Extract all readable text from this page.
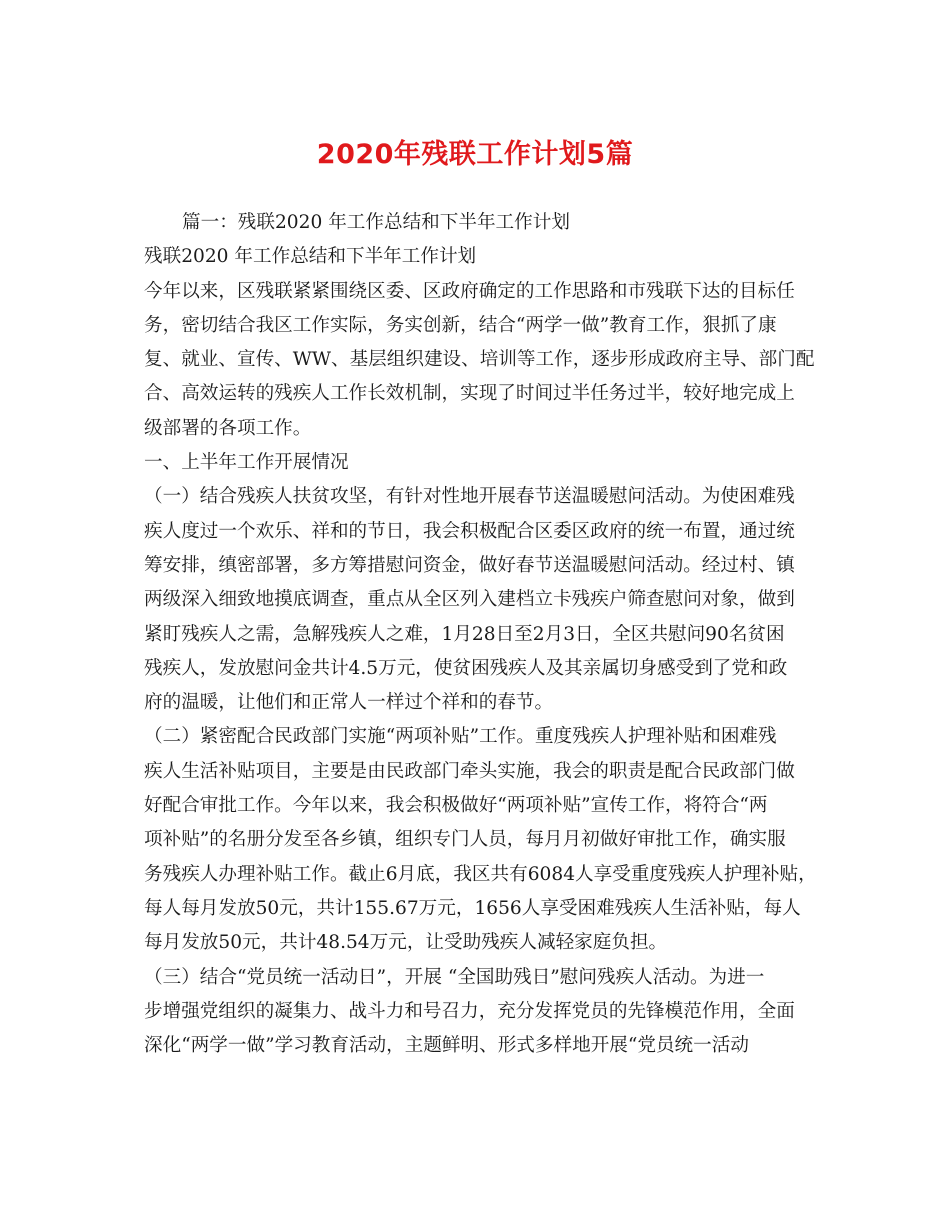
2020年残联工作计划5篇
篇一：残联2020 年工作总结和下半年工作计划
残联2020 年工作总结和下半年工作计划
今年以来，区残联紧紧围绕区委、区政府确定的工作思路和市残联下达的目标任
务，密切结合我区工作实际，务实创新，结合“两学一做”教育工作，狠抓了康
复、就业、宣传、WW、基层组织建设、培训等工作，逐步形成政府主导、部门配
合、高效运转的残疾人工作长效机制，实现了时间过半任务过半，较好地完成上
级部署的各项工作。
一、上半年工作开展情况
（一）结合残疾人扶贫攻坚，有针对性地开展春节送温暖慰问活动。为使困难残
疾人度过一个欢乐、祥和的节日，我会积极配合区委区政府的统一布置，通过统
筹安排，缜密部署，多方筹措慰问资金，做好春节送温暖慰问活动。经过村、镇
两级深入细致地摸底调查，重点从全区列入建档立卡残疾户筛查慰问对象，做到
紧盯残疾人之需，急解残疾人之难，1月28日至2月3日，全区共慰问90名贫困
残疾人，发放慰问金共计4.5万元，使贫困残疾人及其亲属切身感受到了党和政
府的温暖，让他们和正常人一样过个祥和的春节。
（二）紧密配合民政部门实施“两项补贴”工作。重度残疾人护理补贴和困难残
疾人生活补贴项目，主要是由民政部门牵头实施，我会的职责是配合民政部门做
好配合审批工作。今年以来，我会积极做好“两项补贴”宣传工作，将符合“两
项补贴”的名册分发至各乡镇，组织专门人员，每月月初做好审批工作，确实服
务残疾人办理补贴工作。截止6月底，我区共有6084人享受重度残疾人护理补贴，
每人每月发放50元，共计155.67万元，1656人享受困难残疾人生活补贴，每人
每月发放50元，共计48.54万元，让受助残疾人减轻家庭负担。
（三）结合“党员统一活动日”，开展 “全国助残日”慰问残疾人活动。为进一
步增强党组织的凝集力、战斗力和号召力，充分发挥党员的先锋模范作用，全面
深化“两学一做”学习教育活动，主题鲜明、形式多样地开展“党员统一活动
